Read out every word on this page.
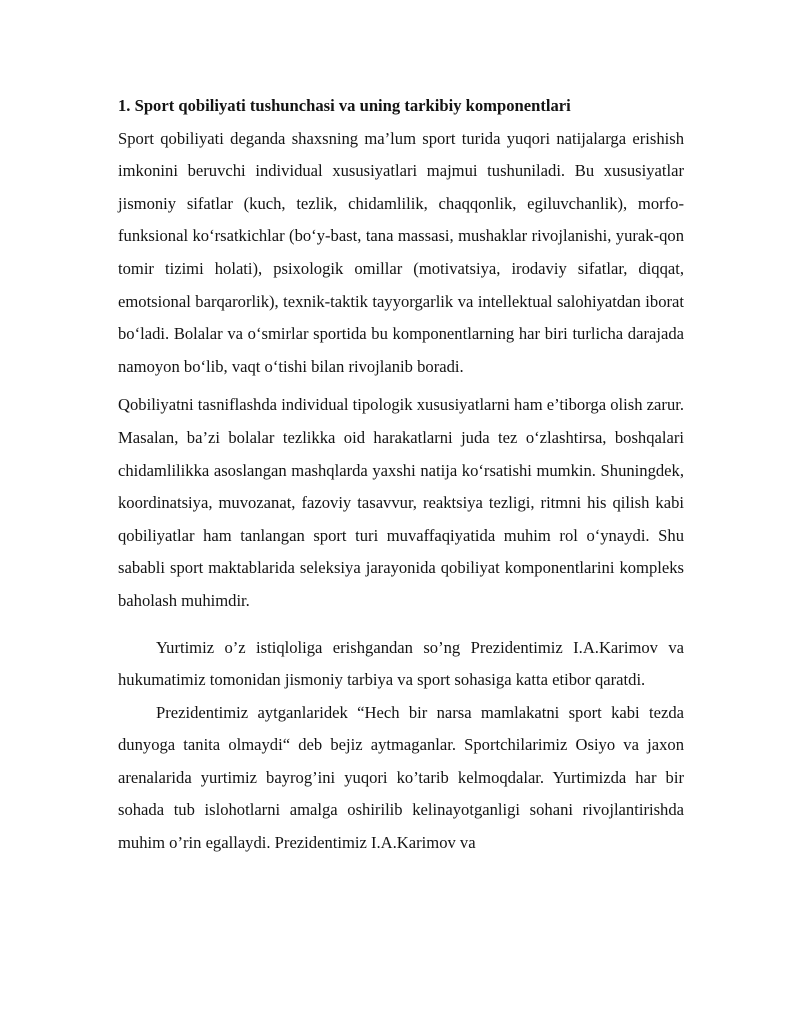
1. Sport qobiliyati tushunchasi va uning tarkibiy komponentlari

Sport qobiliyati deganda shaxsning ma’lum sport turida yuqori natijalarga erishish imkonini beruvchi individual xususiyatlari majmui tushuniladi. Bu xususiyatlar jismoniy sifatlar (kuch, tezlik, chidamlilik, chaqqonlik, egiluvchanlik), morfo-funksional ko‘rsatkichlar (bo‘y-bast, tana massasi, mushaklar rivojlanishi, yurak-qon tomir tizimi holati), psixologik omillar (motivatsiya, irodaviy sifatlar, diqqat, emotsional barqarorlik), texnik-taktik tayyorgarlik va intellektual salohiyatdan iborat bo‘ladi. Bolalar va o‘smirlar sportida bu komponentlarning har biri turlicha darajada namoyon bo‘lib, vaqt o‘tishi bilan rivojlanib boradi.

Qobiliyatni tasniflashda individual tipologik xususiyatlarni ham e’tiborga olish zarur. Masalan, ba’zi bolalar tezlikka oid harakatlarni juda tez o‘zlashtirsa, boshqalari chidamlilikka asoslangan mashqlarda yaxshi natija ko‘rsatishi mumkin. Shuningdek, koordinatsiya, muvozanat, fazoviy tasavvur, reaktsiya tezligi, ritmni his qilish kabi qobiliyatlar ham tanlangan sport turi muvaffaqiyatida muhim rol o‘ynaydi. Shu sababli sport maktablarida seleksiya jarayonida qobiliyat komponentlarini kompleks baholash muhimdir.

Yurtimiz o’z istiqloliga erishgandan so’ng Prezidentimiz I.A.Karimov va hukumatimiz tomonidan jismoniy tarbiya va sport sohasiga katta etibor qaratdi.

Prezidentimiz aytganlaridek “Hech bir narsa mamlakatni sport kabi tezda dunyoga tanita olmaydi“ deb bejiz aytmaganlar. Sportchilarimiz Osiyo va jaxon arenalarida yurtimiz bayrog’ini yuqori ko’tarib kelmoqdalar. Yurtimizda har bir sohada tub islohotlarni amalga oshirilib kelinayotganligi sohani rivojlantirishda muhim o’rin egallaydi. Prezidentimiz I.A.Karimov va
